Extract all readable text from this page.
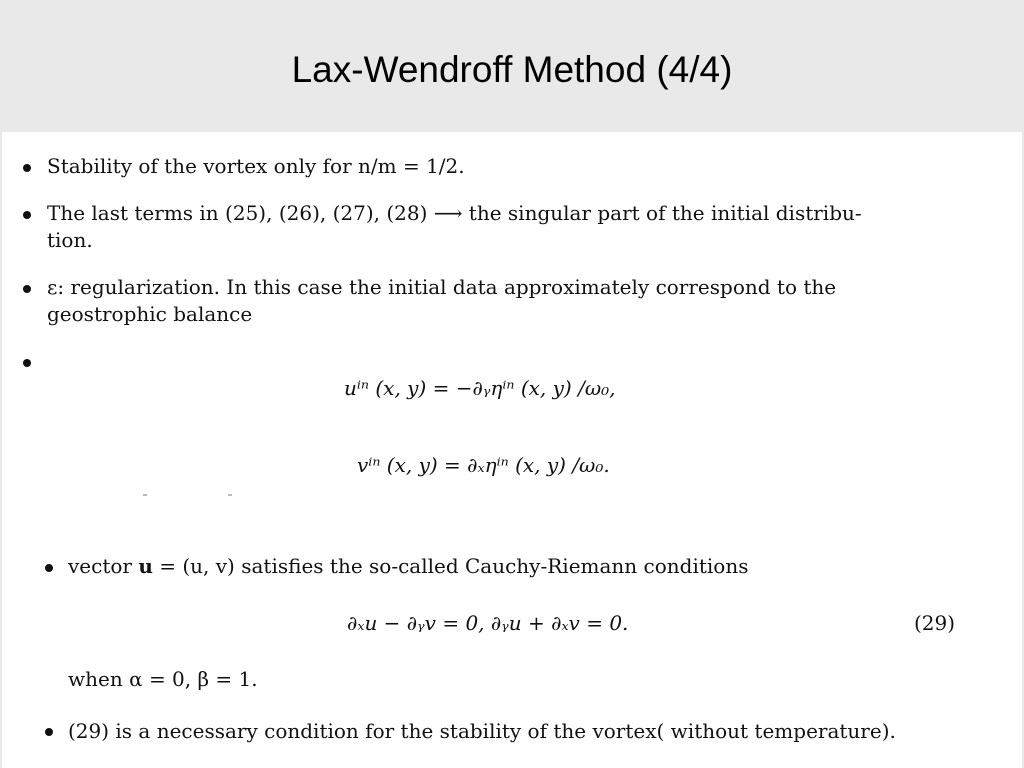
Lax-Wendroff Method (4/4)
Stability of the vortex only for n/m = 1/2.
The last terms in (25), (26), (27), (28) ⟶ the singular part of the initial distribu-
tion.
ε: regularization. In this case the initial data approximately correspond to the
geostrophic balance
uⁱⁿ (x, y) = −∂ᵧηⁱⁿ (x, y) /ω₀,
vⁱⁿ (x, y) = ∂ₓηⁱⁿ (x, y) /ω₀.
vector u = (u, v) satisfies the so-called Cauchy-Riemann conditions
∂ₓu − ∂ᵧv = 0, ∂ᵧu + ∂ₓv = 0.	(29)
when α = 0, β = 1.
(29) is a necessary condition for the stability of the vortex( without temperature).
